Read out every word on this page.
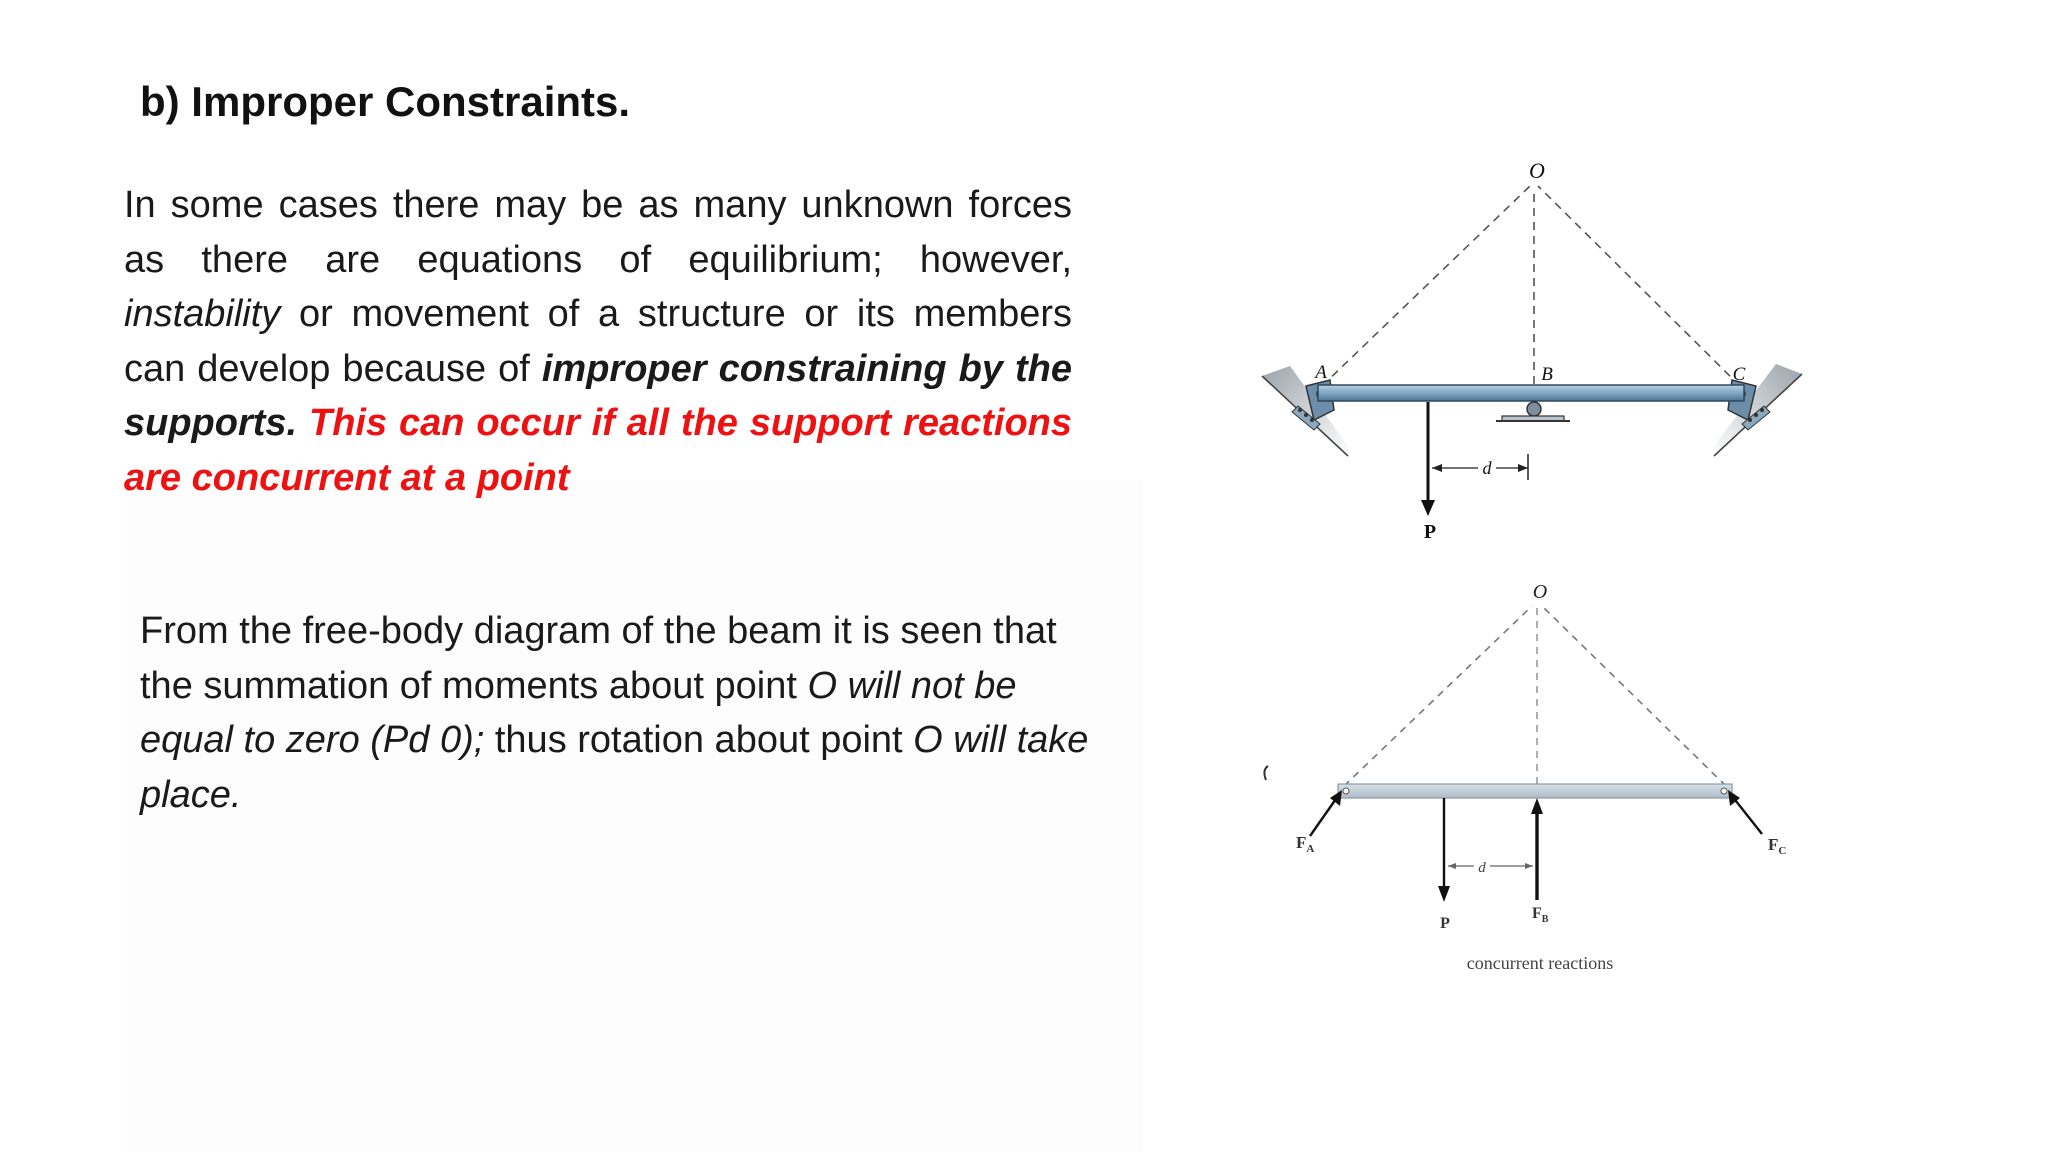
b) Improper Constraints.

In some cases there may be as many unknown forces as there are equations of equilibrium; however, instability or movement of a structure or its members can develop because of improper constraining by the supports. This can occur if all the support reactions are concurrent at a point

From the free-body diagram of the beam it is seen that the summation of moments about point O will not be equal to zero (Pd 0); thus rotation about point O will take place.

O
A	B	C
d
P
O
$F_A$	$F_C$
$F_B$
P
d
concurrent reactions
